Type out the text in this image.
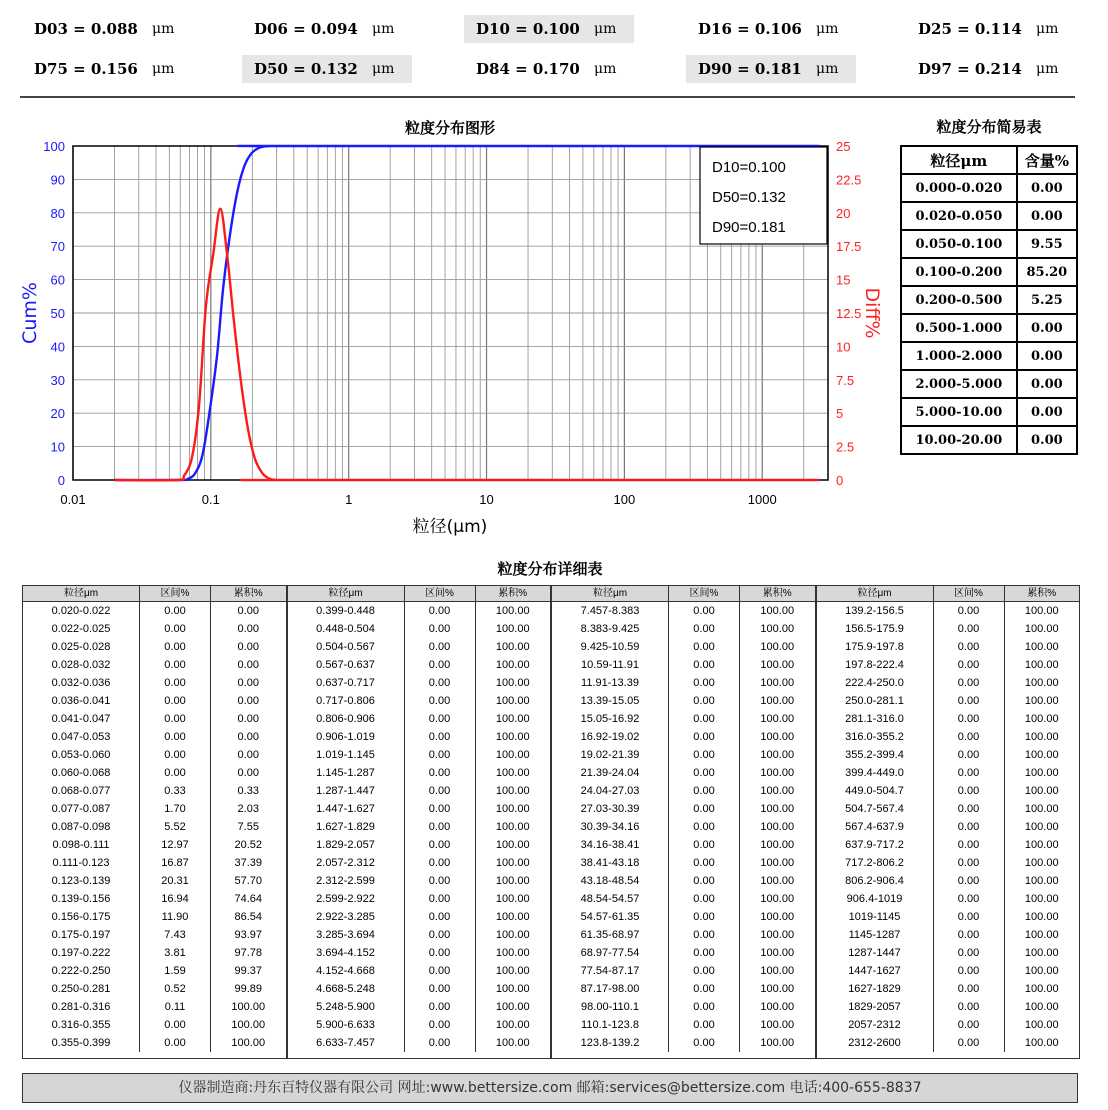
D03 = 0.088	μm	D06 = 0.094	μm	D10 = 0.100	μm	D16 = 0.106	μm	D25 = 0.114	μm
D75 = 0.156	μm	D50 = 0.132	μm	D84 = 0.170	μm	D90 = 0.181	μm	D97 = 0.214	μm
0
10
20
30
40
50
60
70
80
90
100
0
2.5
5
7.5
10
12.5
15
17.5
20
22.5
25
0.01	0.1	1	10	100	1000
粒度分布图形
粒径(μm)
Cum%	Diff%
D10=0.100
D50=0.132
D90=0.181
粒度分布简易表
粒径μm	含量%
0.000-0.020	0.00
0.020-0.050	0.00
0.050-0.100	9.55
0.100-0.200	85.20
0.200-0.500	5.25
0.500-1.000	0.00
1.000-2.000	0.00
2.000-5.000	0.00
5.000-10.00	0.00
10.00-20.00	0.00
粒度分布详细表
粒径μm	区间%	累积%
0.020-0.022	0.00	0.00
0.022-0.025	0.00	0.00
0.025-0.028	0.00	0.00
0.028-0.032	0.00	0.00
0.032-0.036	0.00	0.00
0.036-0.041	0.00	0.00
0.041-0.047	0.00	0.00
0.047-0.053	0.00	0.00
0.053-0.060	0.00	0.00
0.060-0.068	0.00	0.00
0.068-0.077	0.33	0.33
0.077-0.087	1.70	2.03
0.087-0.098	5.52	7.55
0.098-0.111	12.97	20.52
0.111-0.123	16.87	37.39
0.123-0.139	20.31	57.70
0.139-0.156	16.94	74.64
0.156-0.175	11.90	86.54
0.175-0.197	7.43	93.97
0.197-0.222	3.81	97.78
0.222-0.250	1.59	99.37
0.250-0.281	0.52	99.89
0.281-0.316	0.11	100.00
0.316-0.355	0.00	100.00
0.355-0.399	0.00	100.00
粒径μm	区间%	累积%
0.399-0.448	0.00	100.00
0.448-0.504	0.00	100.00
0.504-0.567	0.00	100.00
0.567-0.637	0.00	100.00
0.637-0.717	0.00	100.00
0.717-0.806	0.00	100.00
0.806-0.906	0.00	100.00
0.906-1.019	0.00	100.00
1.019-1.145	0.00	100.00
1.145-1.287	0.00	100.00
1.287-1.447	0.00	100.00
1.447-1.627	0.00	100.00
1.627-1.829	0.00	100.00
1.829-2.057	0.00	100.00
2.057-2.312	0.00	100.00
2.312-2.599	0.00	100.00
2.599-2.922	0.00	100.00
2.922-3.285	0.00	100.00
3.285-3.694	0.00	100.00
3.694-4.152	0.00	100.00
4.152-4.668	0.00	100.00
4.668-5.248	0.00	100.00
5.248-5.900	0.00	100.00
5.900-6.633	0.00	100.00
6.633-7.457	0.00	100.00
粒径μm	区间%	累积%
7.457-8.383	0.00	100.00
8.383-9.425	0.00	100.00
9.425-10.59	0.00	100.00
10.59-11.91	0.00	100.00
11.91-13.39	0.00	100.00
13.39-15.05	0.00	100.00
15.05-16.92	0.00	100.00
16.92-19.02	0.00	100.00
19.02-21.39	0.00	100.00
21.39-24.04	0.00	100.00
24.04-27.03	0.00	100.00
27.03-30.39	0.00	100.00
30.39-34.16	0.00	100.00
34.16-38.41	0.00	100.00
38.41-43.18	0.00	100.00
43.18-48.54	0.00	100.00
48.54-54.57	0.00	100.00
54.57-61.35	0.00	100.00
61.35-68.97	0.00	100.00
68.97-77.54	0.00	100.00
77.54-87.17	0.00	100.00
87.17-98.00	0.00	100.00
98.00-110.1	0.00	100.00
110.1-123.8	0.00	100.00
123.8-139.2	0.00	100.00
粒径μm	区间%	累积%
139.2-156.5	0.00	100.00
156.5-175.9	0.00	100.00
175.9-197.8	0.00	100.00
197.8-222.4	0.00	100.00
222.4-250.0	0.00	100.00
250.0-281.1	0.00	100.00
281.1-316.0	0.00	100.00
316.0-355.2	0.00	100.00
355.2-399.4	0.00	100.00
399.4-449.0	0.00	100.00
449.0-504.7	0.00	100.00
504.7-567.4	0.00	100.00
567.4-637.9	0.00	100.00
637.9-717.2	0.00	100.00
717.2-806.2	0.00	100.00
806.2-906.4	0.00	100.00
906.4-1019	0.00	100.00
1019-1145	0.00	100.00
1145-1287	0.00	100.00
1287-1447	0.00	100.00
1447-1627	0.00	100.00
1627-1829	0.00	100.00
1829-2057	0.00	100.00
2057-2312	0.00	100.00
2312-2600	0.00	100.00
仪器制造商:丹东百特仪器有限公司 网址:www.bettersize.com 邮箱:services@bettersize.com 电话:400-655-8837
